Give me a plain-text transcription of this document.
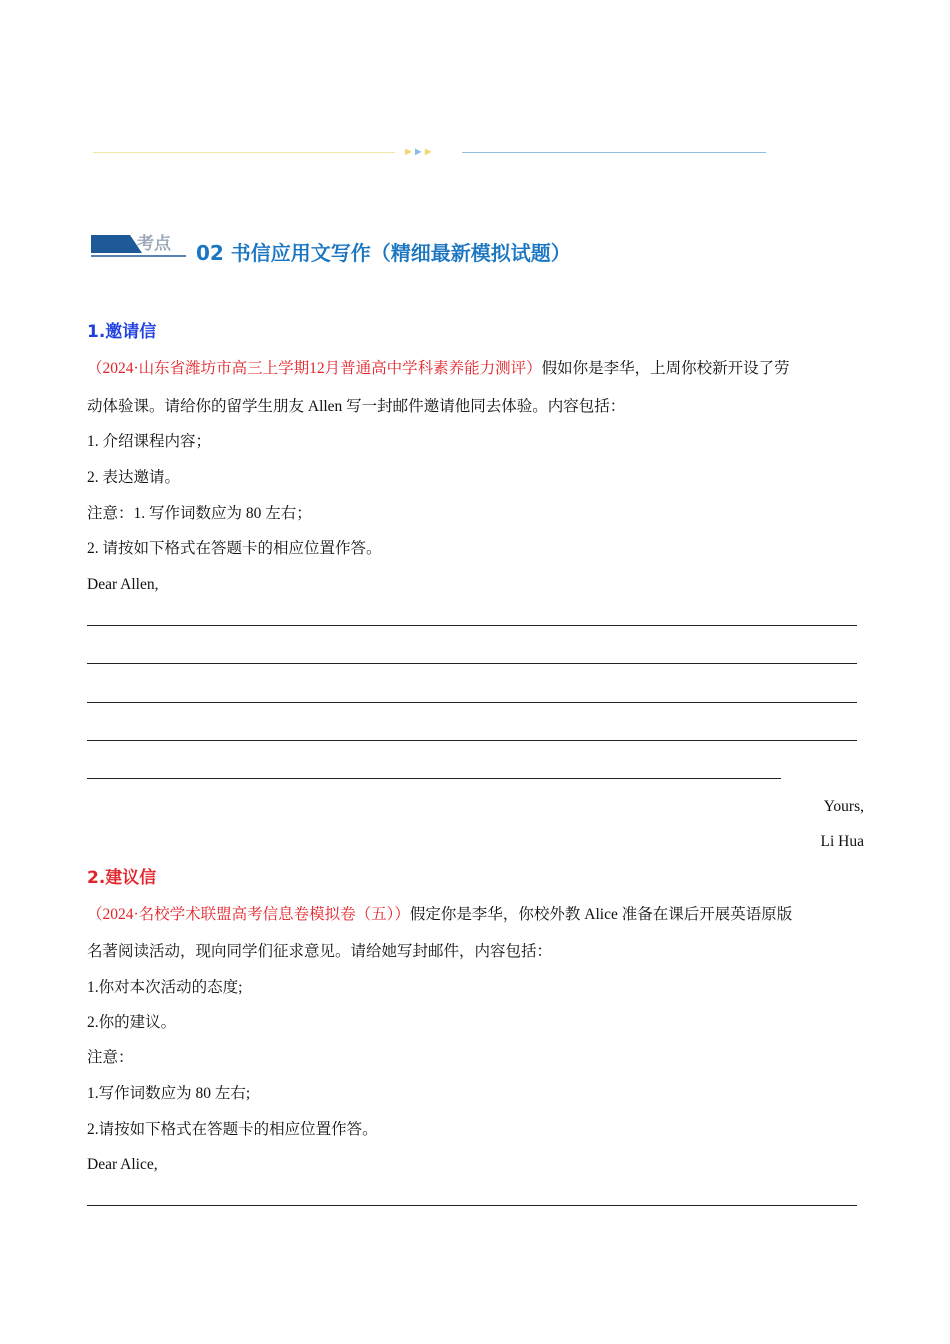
►►►
考点 02 书信应用文写作（精细最新模拟试题）
1.邀请信
（2024·山东省潍坊市高三上学期12月普通高中学科素养能力测评）假如你是李华，上周你校新开设了劳
动体验课。请给你的留学生朋友 Allen 写一封邮件邀请他同去体验。内容包括：
1. 介绍课程内容；
2. 表达邀请。
注意：1. 写作词数应为 80 左右；
2. 请按如下格式在答题卡的相应位置作答。
Dear Allen,
Yours,
Li Hua
2.建议信
（2024·名校学术联盟高考信息卷模拟卷（五））假定你是李华，你校外教 Alice 准备在课后开展英语原版
名著阅读活动，现向同学们征求意见。请给她写封邮件，内容包括：
1.你对本次活动的态度;
2.你的建议。
注意：
1.写作词数应为 80 左右;
2.请按如下格式在答题卡的相应位置作答。
Dear Alice,
